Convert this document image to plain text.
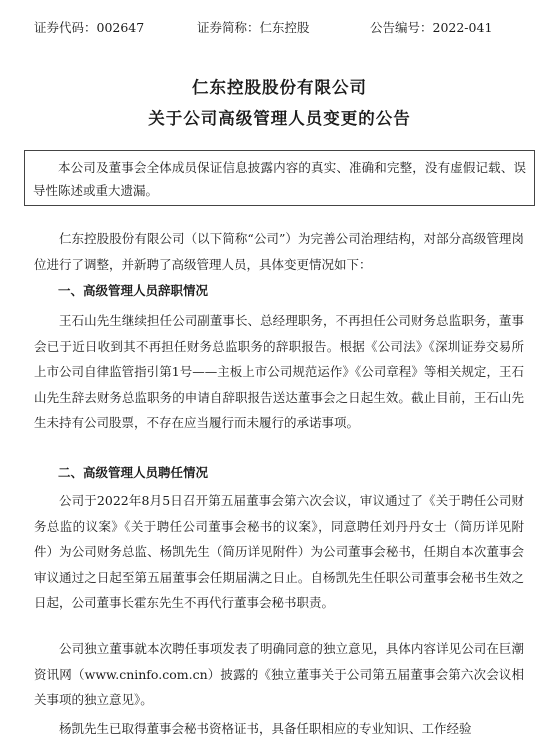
证券代码：002647	证券简称：仁东控股	公告编号：2022-041
仁东控股股份有限公司
关于公司高级管理人员变更的公告
本公司及董事会全体成员保证信息披露内容的真实、准确和完整，没有虚假记载、误导性陈述或重大遗漏。

仁东控股股份有限公司（以下简称“公司”）为完善公司治理结构，对部分高级管理岗位进行了调整，并新聘了高级管理人员，具体变更情况如下：

一、高级管理人员辞职情况

王石山先生继续担任公司副董事长、总经理职务，不再担任公司财务总监职务，董事会已于近日收到其不再担任财务总监职务的辞职报告。根据《公司法》《深圳证券交易所上市公司自律监管指引第1号——主板上市公司规范运作》《公司章程》等相关规定，王石山先生辞去财务总监职务的申请自辞职报告送达董事会之日起生效。截止目前，王石山先生未持有公司股票，不存在应当履行而未履行的承诺事项。

二、高级管理人员聘任情况

公司于2022年8月5日召开第五届董事会第六次会议，审议通过了《关于聘任公司财务总监的议案》《关于聘任公司董事会秘书的议案》，同意聘任刘丹丹女士（简历详见附件）为公司财务总监、杨凯先生（简历详见附件）为公司董事会秘书，任期自本次董事会审议通过之日起至第五届董事会任期届满之日止。自杨凯先生任职公司董事会秘书生效之日起，公司董事长霍东先生不再代行董事会秘书职责。

公司独立董事就本次聘任事项发表了明确同意的独立意见，具体内容详见公司在巨潮资讯网（www.cninfo.com.cn）披露的《独立董事关于公司第五届董事会第六次会议相关事项的独立意见》。

杨凯先生已取得董事会秘书资格证书，具备任职相应的专业知识、工作经验
